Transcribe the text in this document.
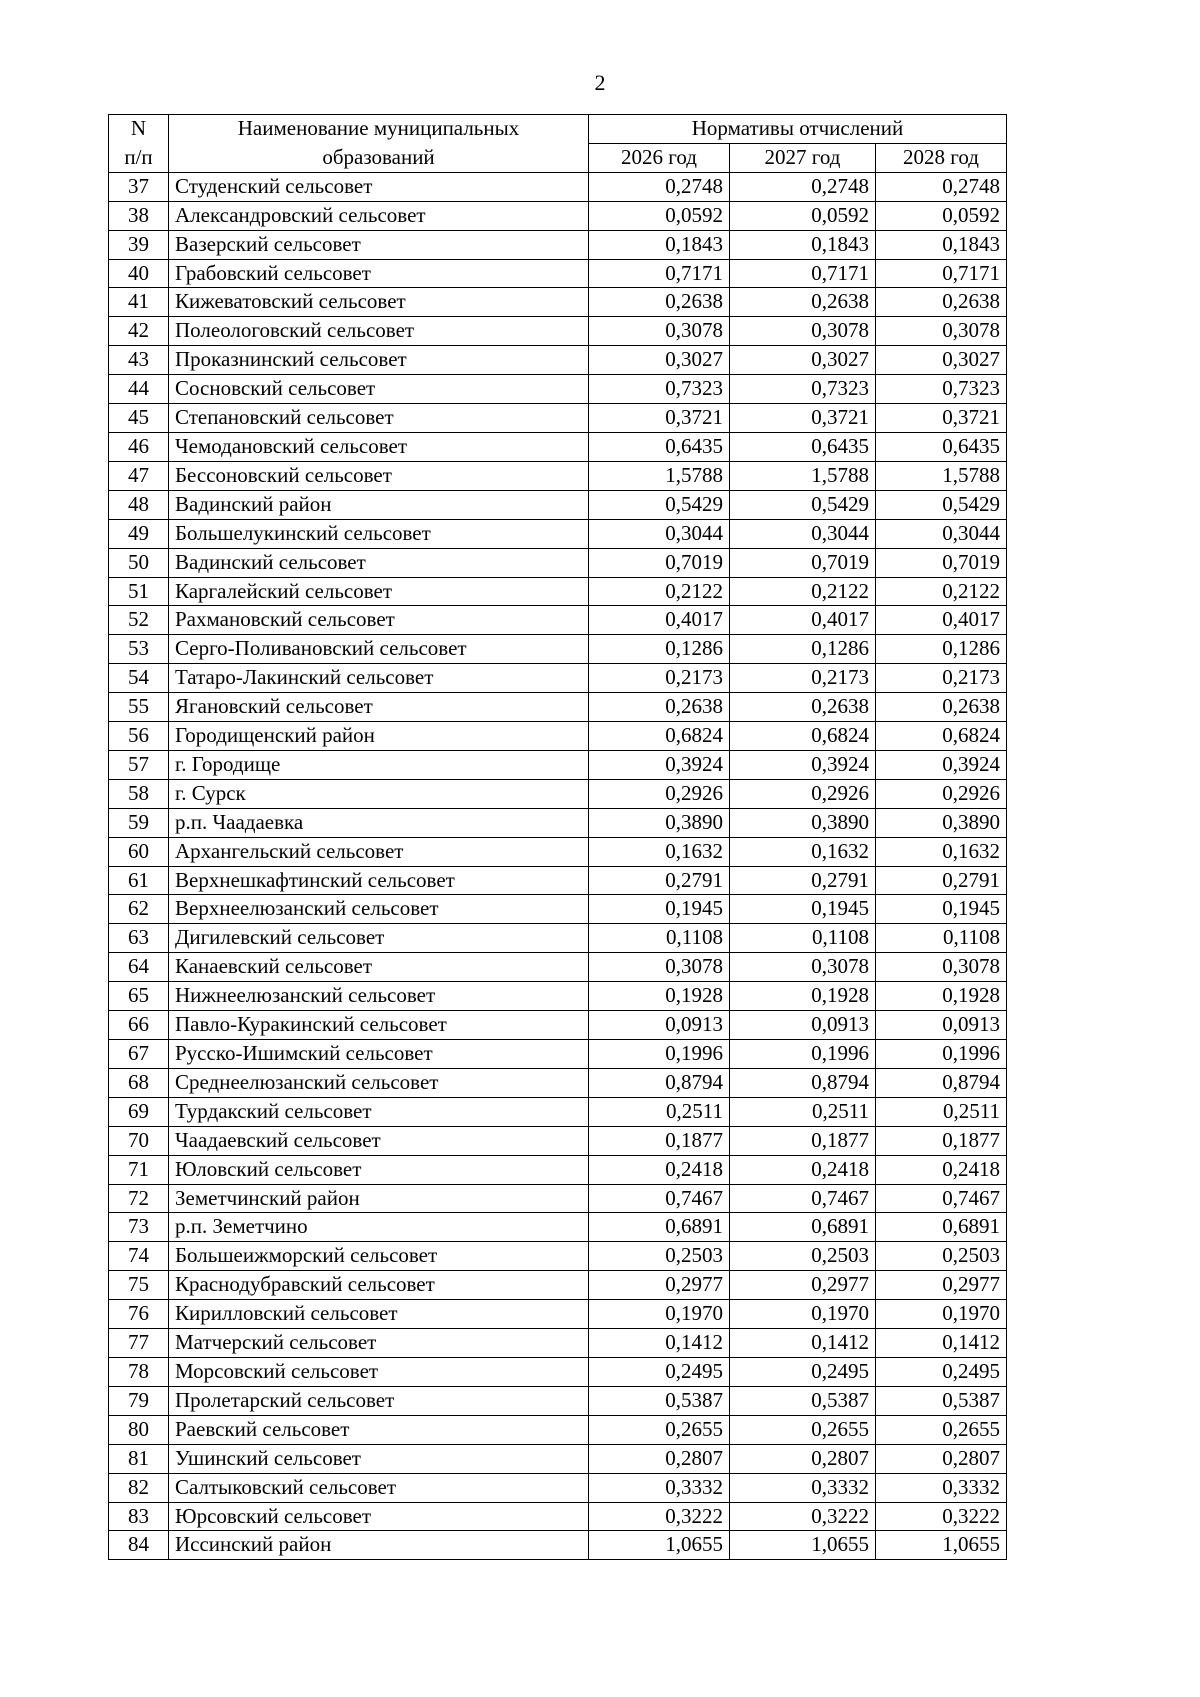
2
N	Наименование муниципальных	Нормативы отчислений		
п/п	образований	2026 год	2027 год	2028 год
37	Студенский сельсовет	0,2748	0,2748	0,2748
38	Александровский сельсовет	0,0592	0,0592	0,0592
39	Вазерский сельсовет	0,1843	0,1843	0,1843
40	Грабовский сельсовет	0,7171	0,7171	0,7171
41	Кижеватовский сельсовет	0,2638	0,2638	0,2638
42	Полеологовский сельсовет	0,3078	0,3078	0,3078
43	Проказнинский сельсовет	0,3027	0,3027	0,3027
44	Сосновский сельсовет	0,7323	0,7323	0,7323
45	Степановский сельсовет	0,3721	0,3721	0,3721
46	Чемодановский сельсовет	0,6435	0,6435	0,6435
47	Бессоновский сельсовет	1,5788	1,5788	1,5788
48	Вадинский район	0,5429	0,5429	0,5429
49	Большелукинский сельсовет	0,3044	0,3044	0,3044
50	Вадинский сельсовет	0,7019	0,7019	0,7019
51	Каргалейский сельсовет	0,2122	0,2122	0,2122
52	Рахмановский сельсовет	0,4017	0,4017	0,4017
53	Серго-Поливановский сельсовет	0,1286	0,1286	0,1286
54	Татаро-Лакинский сельсовет	0,2173	0,2173	0,2173
55	Ягановский сельсовет	0,2638	0,2638	0,2638
56	Городищенский район	0,6824	0,6824	0,6824
57	г. Городище	0,3924	0,3924	0,3924
58	г. Сурск	0,2926	0,2926	0,2926
59	р.п. Чаадаевка	0,3890	0,3890	0,3890
60	Архангельский сельсовет	0,1632	0,1632	0,1632
61	Верхнешкафтинский сельсовет	0,2791	0,2791	0,2791
62	Верхнеелюзанский сельсовет	0,1945	0,1945	0,1945
63	Дигилевский сельсовет	0,1108	0,1108	0,1108
64	Канаевский сельсовет	0,3078	0,3078	0,3078
65	Нижнеелюзанский сельсовет	0,1928	0,1928	0,1928
66	Павло-Куракинский сельсовет	0,0913	0,0913	0,0913
67	Русско-Ишимский сельсовет	0,1996	0,1996	0,1996
68	Среднеелюзанский сельсовет	0,8794	0,8794	0,8794
69	Турдакский сельсовет	0,2511	0,2511	0,2511
70	Чаадаевский сельсовет	0,1877	0,1877	0,1877
71	Юловский сельсовет	0,2418	0,2418	0,2418
72	Земетчинский район	0,7467	0,7467	0,7467
73	р.п. Земетчино	0,6891	0,6891	0,6891
74	Большеижморский сельсовет	0,2503	0,2503	0,2503
75	Краснодубравский сельсовет	0,2977	0,2977	0,2977
76	Кирилловский сельсовет	0,1970	0,1970	0,1970
77	Матчерский сельсовет	0,1412	0,1412	0,1412
78	Морсовский сельсовет	0,2495	0,2495	0,2495
79	Пролетарский сельсовет	0,5387	0,5387	0,5387
80	Раевский сельсовет	0,2655	0,2655	0,2655
81	Ушинский сельсовет	0,2807	0,2807	0,2807
82	Салтыковский сельсовет	0,3332	0,3332	0,3332
83	Юрсовский сельсовет	0,3222	0,3222	0,3222
84	Иссинский район	1,0655	1,0655	1,0655
